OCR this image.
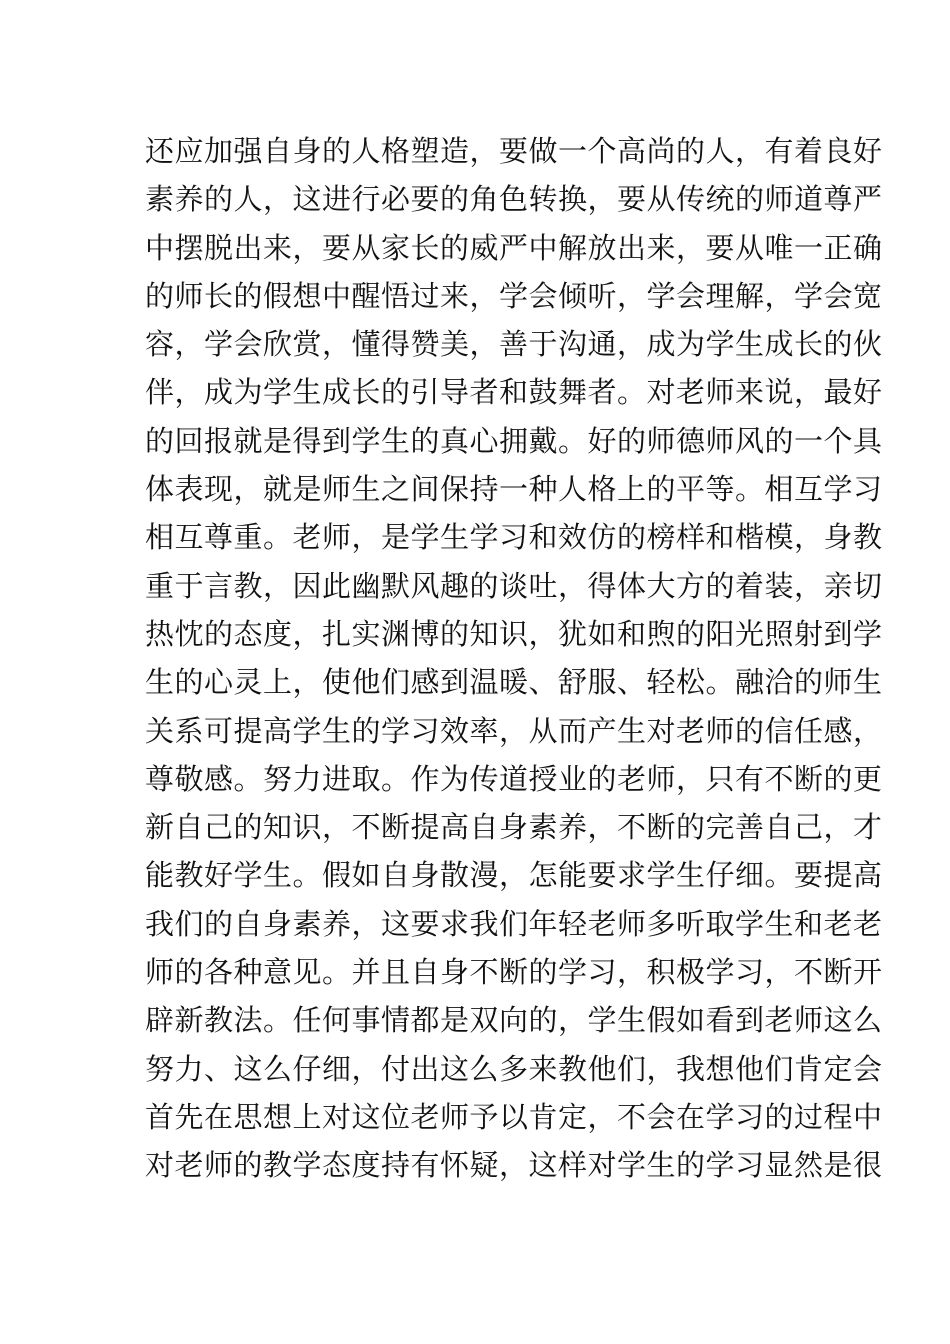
还应加强自身的人格塑造，要做一个高尚的人，有着良好
素养的人，这进行必要的角色转换，要从传统的师道尊严
中摆脱出来，要从家长的威严中解放出来，要从唯一正确
的师长的假想中醒悟过来，学会倾听，学会理解，学会宽
容，学会欣赏，懂得赞美，善于沟通，成为学生成长的伙
伴，成为学生成长的引导者和鼓舞者。对老师来说，最好
的回报就是得到学生的真心拥戴。好的师德师风的一个具
体表现，就是师生之间保持一种人格上的平等。相互学习
相互尊重。老师，是学生学习和效仿的榜样和楷模，身教
重于言教，因此幽默风趣的谈吐，得体大方的着装，亲切
热忱的态度，扎实渊博的知识，犹如和煦的阳光照射到学
生的心灵上，使他们感到温暖、舒服、轻松。融洽的师生
关系可提高学生的学习效率，从而产生对老师的信任感，
尊敬感。努力进取。作为传道授业的老师，只有不断的更
新自己的知识，不断提高自身素养，不断的完善自己，才
能教好学生。假如自身散漫，怎能要求学生仔细。要提高
我们的自身素养，这要求我们年轻老师多听取学生和老老
师的各种意见。并且自身不断的学习，积极学习，不断开
辟新教法。任何事情都是双向的，学生假如看到老师这么
努力、这么仔细，付出这么多来教他们，我想他们肯定会
首先在思想上对这位老师予以肯定，不会在学习的过程中
对老师的教学态度持有怀疑，这样对学生的学习显然是很
